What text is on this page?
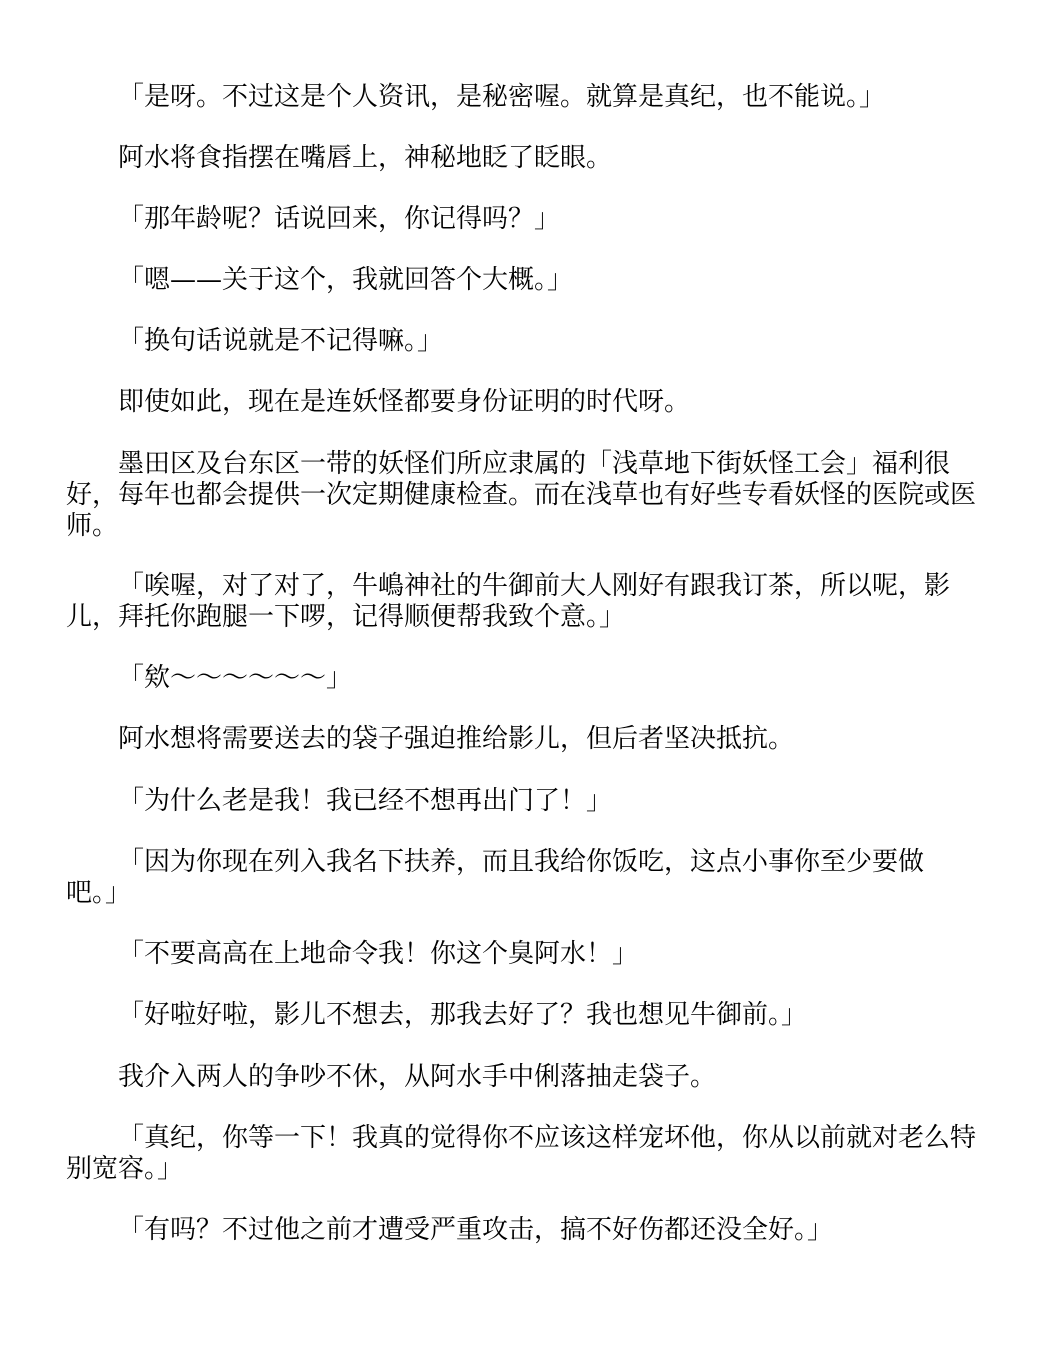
「是呀。不过这是个人资讯，是秘密喔。就算是真纪，也不能说。」

阿水将食指摆在嘴唇上，神秘地眨了眨眼。

「那年龄呢？话说回来，你记得吗？」

「嗯——关于这个，我就回答个大概。」

「换句话说就是不记得嘛。」

即使如此，现在是连妖怪都要身份证明的时代呀。

墨田区及台东区一带的妖怪们所应隶属的「浅草地下街妖怪工会」福利很好，每年也都会提供一次定期健康检查。而在浅草也有好些专看妖怪的医院或医师。

「唉喔，对了对了，牛嶋神社的牛御前大人刚好有跟我订茶，所以呢，影儿，拜托你跑腿一下啰，记得顺便帮我致个意。」

「欸～～～～～～」

阿水想将需要送去的袋子强迫推给影儿，但后者坚决抵抗。

「为什么老是我！我已经不想再出门了！」

「因为你现在列入我名下扶养，而且我给你饭吃，这点小事你至少要做吧。」

「不要高高在上地命令我！你这个臭阿水！」

「好啦好啦，影儿不想去，那我去好了？我也想见牛御前。」

我介入两人的争吵不休，从阿水手中俐落抽走袋子。

「真纪，你等一下！我真的觉得你不应该这样宠坏他，你从以前就对老么特别宽容。」

「有吗？不过他之前才遭受严重攻击，搞不好伤都还没全好。」
